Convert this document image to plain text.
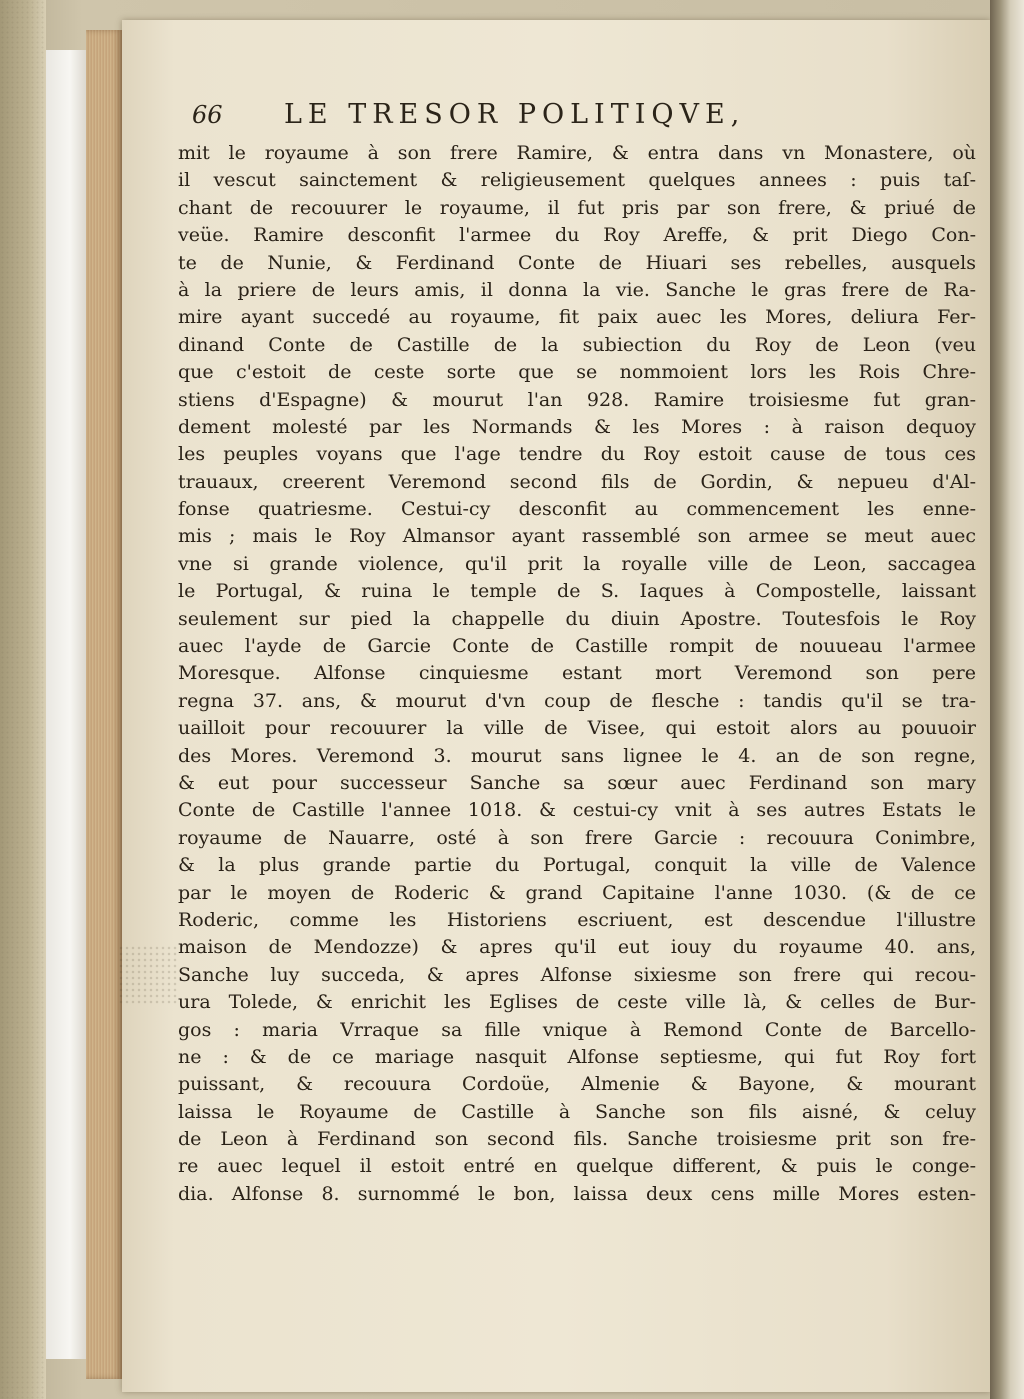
66 LE TRESOR POLITIQVE,
mit le royaume à son frere Ramire, & entra dans vn Monastere, où
il vescut sainctement & religieusement quelques annees : puis taſ-
chant de recouurer le royaume, il fut pris par son frere, & priué de
veüe. Ramire desconfit l'armee du Roy Areffe, & prit Diego Con-
te de Nunie, & Ferdinand Conte de Hiuari ses rebelles, ausquels
à la priere de leurs amis, il donna la vie. Sanche le gras frere de Ra-
mire ayant succedé au royaume, fit paix auec les Mores, deliura Fer-
dinand Conte de Castille de la subiection du Roy de Leon (veu
que c'estoit de ceste sorte que se nommoient lors les Rois Chre-
stiens d'Espagne) & mourut l'an 928. Ramire troisiesme fut gran-
dement molesté par les Normands & les Mores : à raison dequoy
les peuples voyans que l'age tendre du Roy estoit cause de tous ces
trauaux, creerent Veremond second fils de Gordin, & nepueu d'Al-
fonse quatriesme. Cestui-cy desconfit au commencement les enne-
mis ; mais le Roy Almansor ayant rassemblé son armee se meut auec
vne si grande violence, qu'il prit la royalle ville de Leon, saccagea
le Portugal, & ruina le temple de S. Iaques à Compostelle, laissant
seulement sur pied la chappelle du diuin Apostre. Toutesfois le Roy
auec l'ayde de Garcie Conte de Castille rompit de nouueau l'armee
Moresque. Alfonse cinquiesme estant mort Veremond son pere
regna 37. ans, & mourut d'vn coup de flesche : tandis qu'il se tra-
uailloit pour recouurer la ville de Visee, qui estoit alors au pouuoir
des Mores. Veremond 3. mourut sans lignee le 4. an de son regne,
& eut pour successeur Sanche sa sœur auec Ferdinand son mary
Conte de Castille l'annee 1018. & cestui-cy vnit à ses autres Estats le
royaume de Nauarre, osté à son frere Garcie : recouura Conimbre,
& la plus grande partie du Portugal, conquit la ville de Valence
par le moyen de Roderic & grand Capitaine l'anne 1030. (& de ce
Roderic, comme les Historiens escriuent, est descendue l'illustre
maison de Mendozze) & apres qu'il eut iouy du royaume 40. ans,
Sanche luy succeda, & apres Alfonse sixiesme son frere qui recou-
ura Tolede, & enrichit les Eglises de ceste ville là, & celles de Bur-
gos : maria Vrraque sa fille vnique à Remond Conte de Barcello-
ne : & de ce mariage nasquit Alfonse septiesme, qui fut Roy fort
puissant, & recouura Cordoüe, Almenie & Bayone, & mourant
laissa le Royaume de Castille à Sanche son fils aisné, & celuy
de Leon à Ferdinand son second fils. Sanche troisiesme prit son fre-
re auec lequel il estoit entré en quelque different, & puis le conge-
dia. Alfonse 8. surnommé le bon, laissa deux cens mille Mores esten-
